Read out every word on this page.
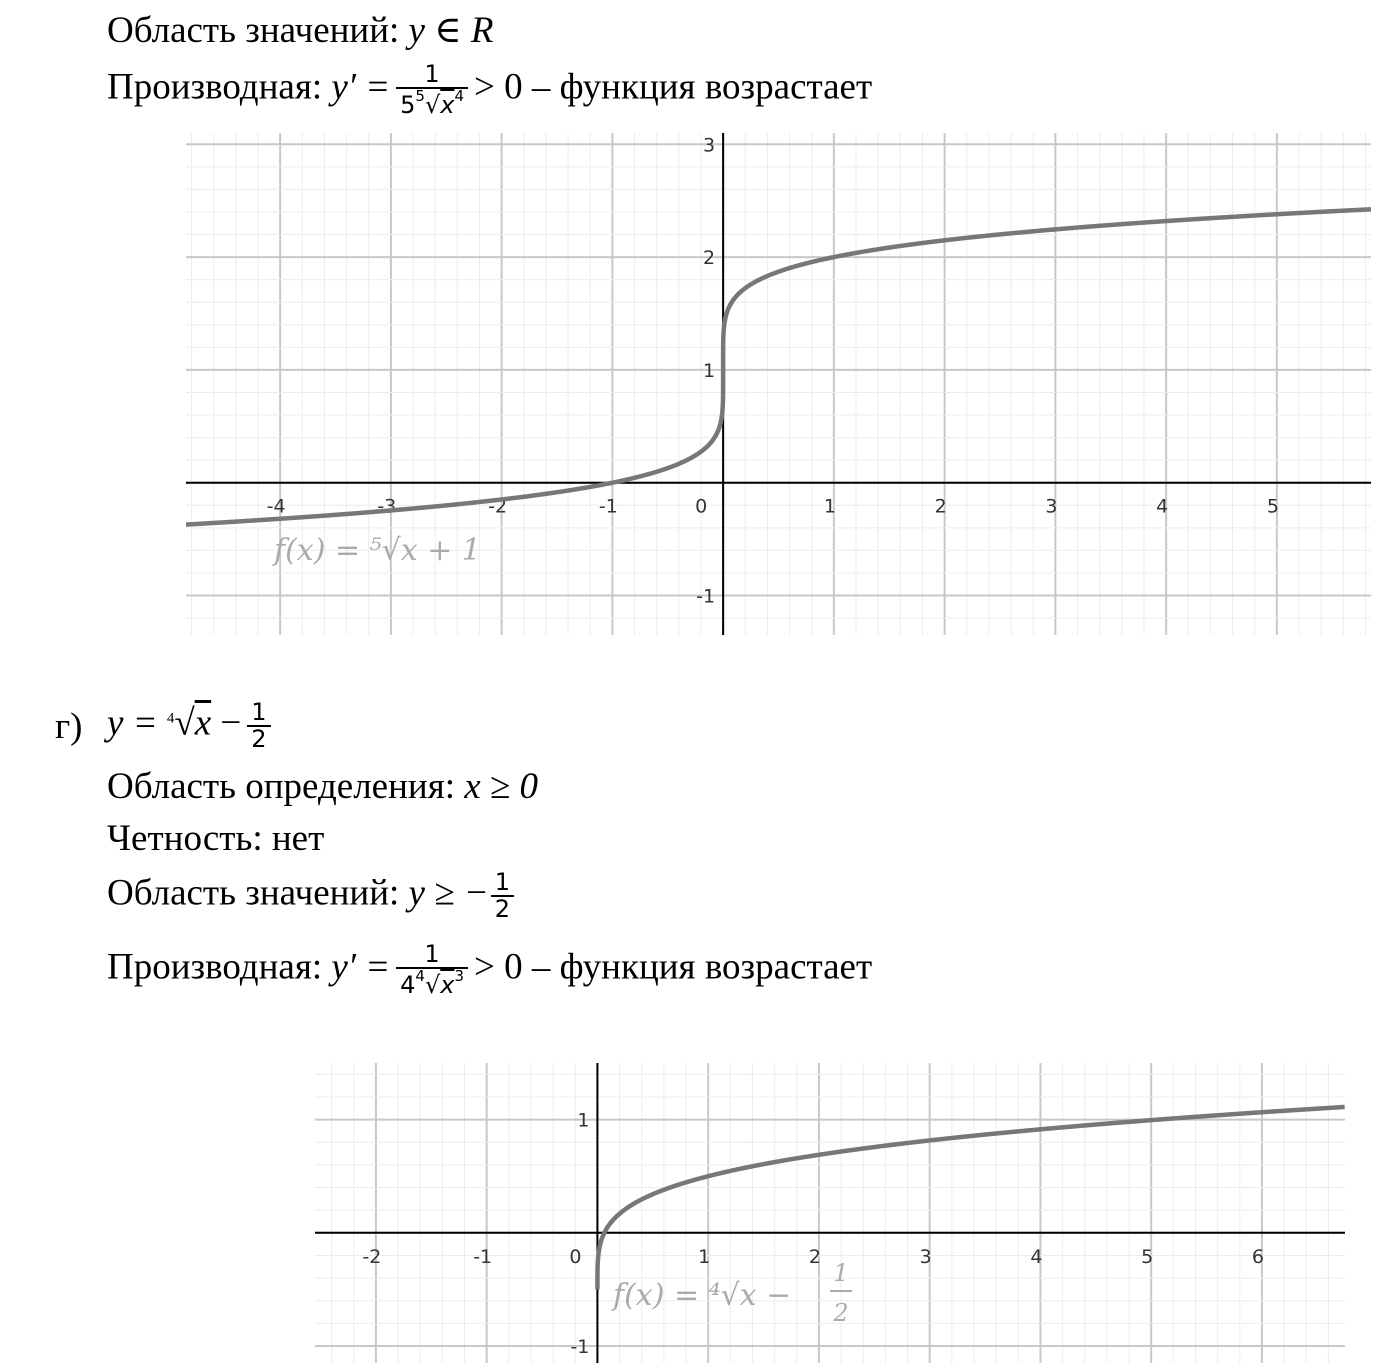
Область значений: y ∈ R
Производная: $y' = \frac{1}{5^5√x^4} > 0$ – функция возрастает
-4	-3	-2	-1	0	1	2	3	4	5
-1
1
2
3
f(x) = ⁵√x + 1
г) $y = ^4√x - \frac{1}{2}$
Область определения: x ≥ 0
Четность: нет
Область значений: y ≥ − $\frac{1}{2}$
Производная: $y' = \frac{1}{4^4√x^3} > 0$ – функция возрастает
-2	-1	0	1	2	3	4	5	6
-1
1
f(x) = ⁴√x −
1
2
